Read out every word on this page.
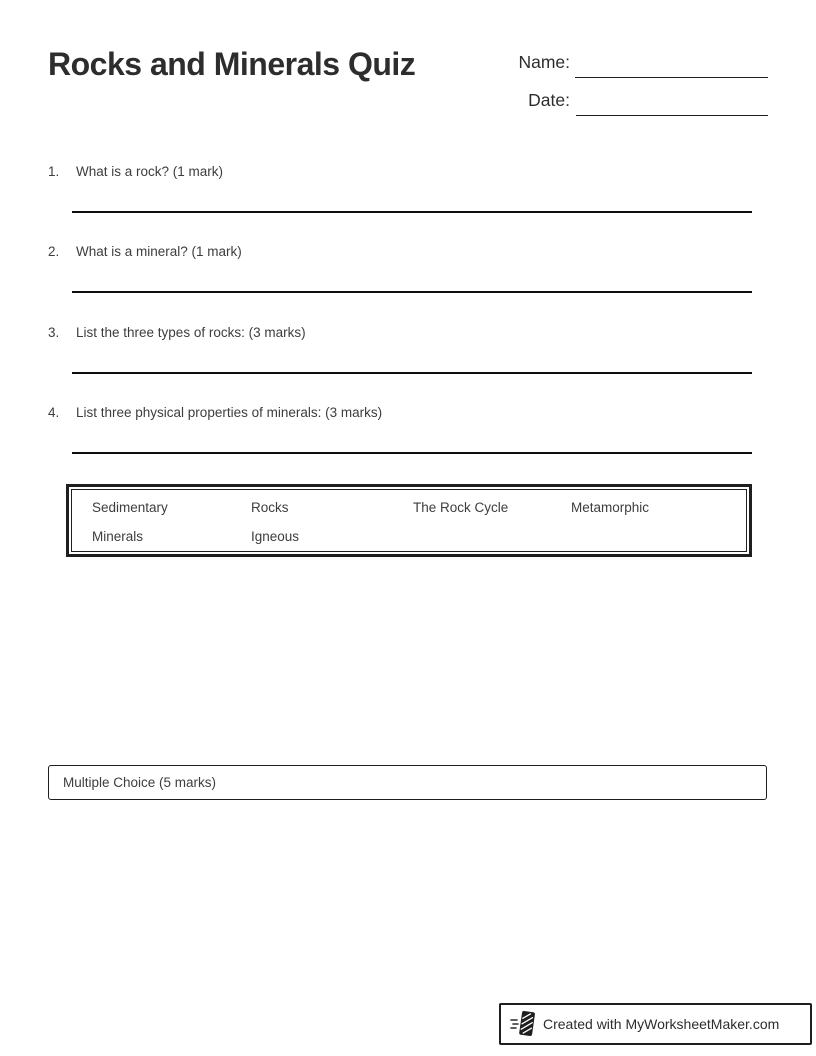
Rocks and Minerals Quiz	Name:
Date:
1.	What is a rock? (1 mark)
2.	What is a mineral? (1 mark)
3.	List the three types of rocks: (3 marks)
4.	List three physical properties of minerals: (3 marks)
Sedimentary	Rocks	The Rock Cycle	Metamorphic
Minerals	Igneous
Multiple Choice (5 marks)
Created with MyWorksheetMaker.com
